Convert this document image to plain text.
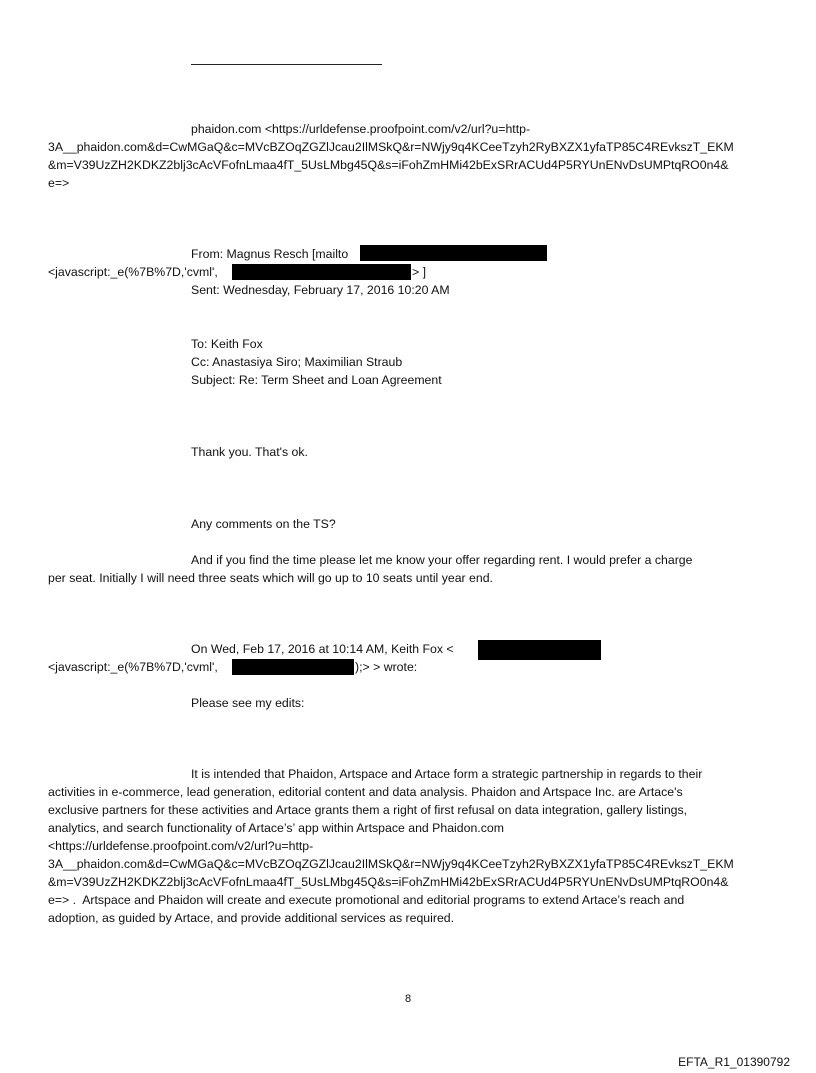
phaidon.com <https://urldefense.proofpoint.com/v2/url?u=http-
3A__phaidon.com&d=CwMGaQ&c=MVcBZOqZGZlJcau2IlMSkQ&r=NWjy9q4KCeeTzyh2RyBXZX1yfaTP85C4REvkszT_EKM
&m=V39UzZH2KDKZ2blj3cAcVFofnLmaa4fT_5UsLMbg45Q&s=iFohZmHMi42bExSRrACUd4P5RYUnENvDsUMPtqRO0n4&
e=>
From: Magnus Resch [mailto
<javascript:_e(%7B%7D,'cvml',	> ]
Sent: Wednesday, February 17, 2016 10:20 AM
To: Keith Fox
Cc: Anastasiya Siro; Maximilian Straub
Subject: Re: Term Sheet and Loan Agreement
Thank you. That's ok.
Any comments on the TS?
And if you find the time please let me know your offer regarding rent. I would prefer a charge
per seat. Initially I will need three seats which will go up to 10 seats until year end.
On Wed, Feb 17, 2016 at 10:14 AM, Keith Fox <
<javascript:_e(%7B%7D,'cvml',	);> > wrote:
Please see my edits:
It is intended that Phaidon, Artspace and Artace form a strategic partnership in regards to their
activities in e-commerce, lead generation, editorial content and data analysis. Phaidon and Artspace Inc. are Artace's
exclusive partners for these activities and Artace grants them a right of first refusal on data integration, gallery listings,
analytics, and search functionality of Artace’s’ app within Artspace and Phaidon.com
<https://urldefense.proofpoint.com/v2/url?u=http-
3A__phaidon.com&d=CwMGaQ&c=MVcBZOqZGZlJcau2IlMSkQ&r=NWjy9q4KCeeTzyh2RyBXZX1yfaTP85C4REvkszT_EKM
&m=V39UzZH2KDKZ2blj3cAcVFofnLmaa4fT_5UsLMbg45Q&s=iFohZmHMi42bExSRrACUd4P5RYUnENvDsUMPtqRO0n4&
e=> .  Artspace and Phaidon will create and execute promotional and editorial programs to extend Artace’s reach and
adoption, as guided by Artace, and provide additional services as required.
8
EFTA_R1_01390792
